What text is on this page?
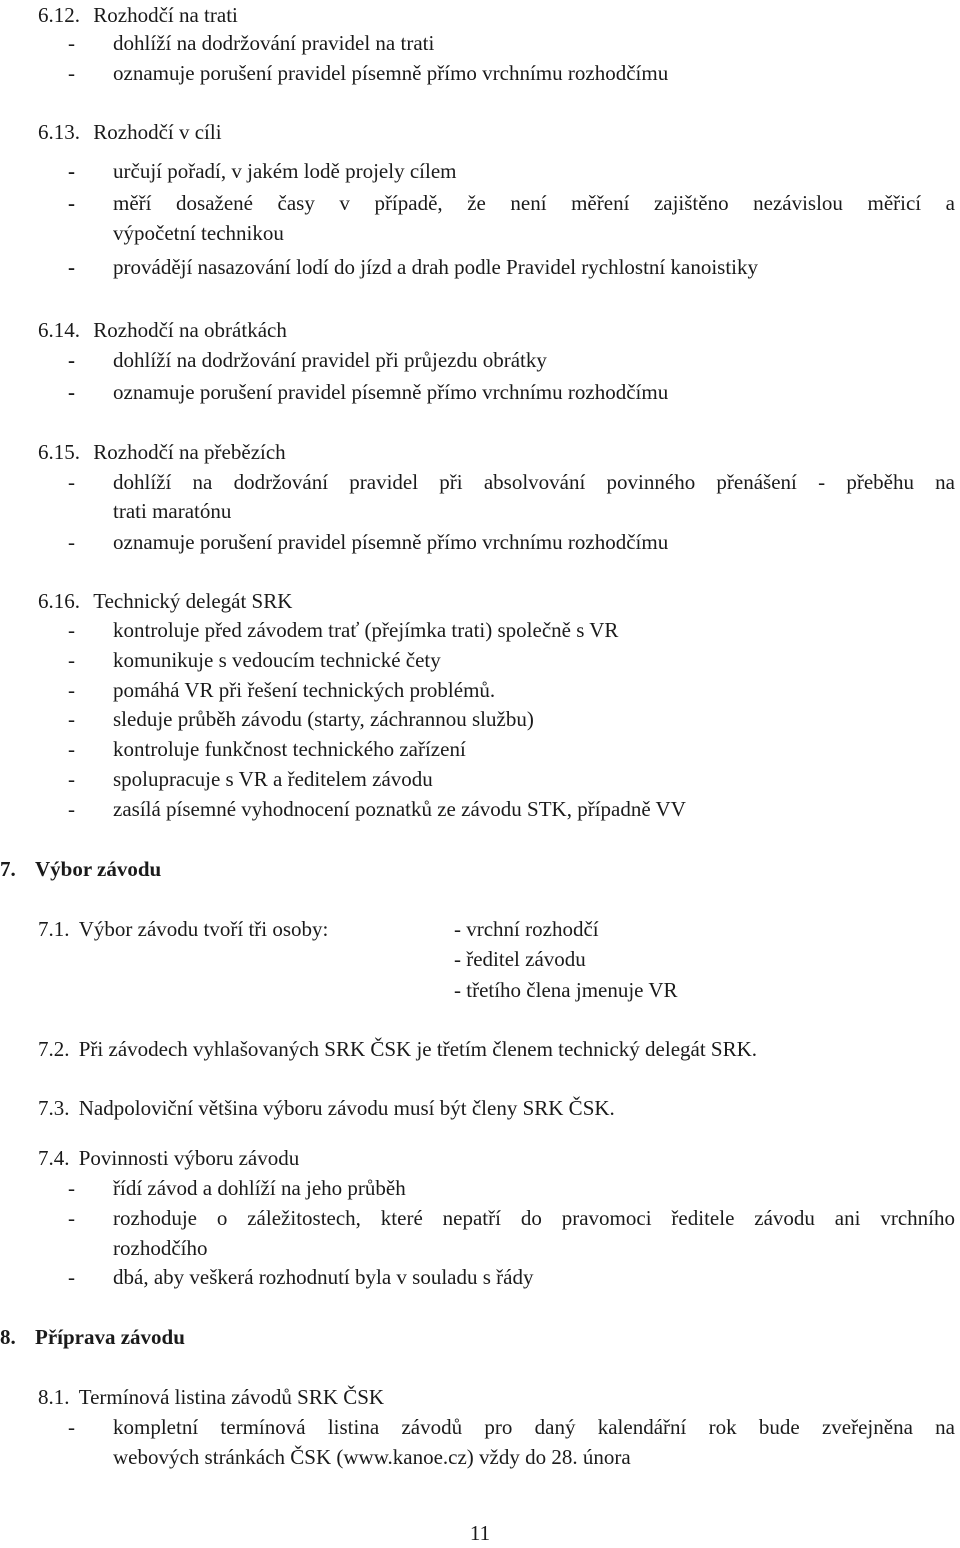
6.12. Rozhodčí na trati
- dohlíží na dodržování pravidel na trati
- oznamuje porušení pravidel písemně přímo vrchnímu rozhodčímu
6.13. Rozhodčí v cíli
- určují pořadí, v jakém lodě projely cílem
- měří dosažené časy v případě, že není měření zajištěno nezávislou měřicí a
výpočetní technikou
- provádějí nasazování lodí do jízd a drah podle Pravidel rychlostní kanoistiky
6.14. Rozhodčí na obrátkách
- dohlíží na dodržování pravidel při průjezdu obrátky
- oznamuje porušení pravidel písemně přímo vrchnímu rozhodčímu
6.15. Rozhodčí na přebězích
- dohlíží na dodržování pravidel při absolvování povinného přenášení - přeběhu na
trati maratónu
- oznamuje porušení pravidel písemně přímo vrchnímu rozhodčímu
6.16. Technický delegát SRK
- kontroluje před závodem trať (přejímka trati) společně s VR
- komunikuje s vedoucím technické čety
- pomáhá VR při řešení technických problémů.
- sleduje průběh závodu (starty, záchrannou službu)
- kontroluje funkčnost technického zařízení
- spolupracuje s VR a ředitelem závodu
- zasílá písemné vyhodnocení poznatků ze závodu STK, případně VV
7. Výbor závodu
7.1. Výbor závodu tvoří tři osoby:	- vrchní rozhodčí
- ředitel závodu
- třetího člena jmenuje VR
7.2. Při závodech vyhlašovaných SRK ČSK je třetím členem technický delegát SRK.
7.3. Nadpoloviční většina výboru závodu musí být členy SRK ČSK.
7.4. Povinnosti výboru závodu
- řídí závod a dohlíží na jeho průběh
- rozhoduje o záležitostech, které nepatří do pravomoci ředitele závodu ani vrchního
rozhodčího
- dbá, aby veškerá rozhodnutí byla v souladu s řády
8. Příprava závodu
8.1. Termínová listina závodů SRK ČSK
- kompletní termínová listina závodů pro daný kalendářní rok bude zveřejněna na
webových stránkách ČSK (www.kanoe.cz) vždy do 28. února
11
